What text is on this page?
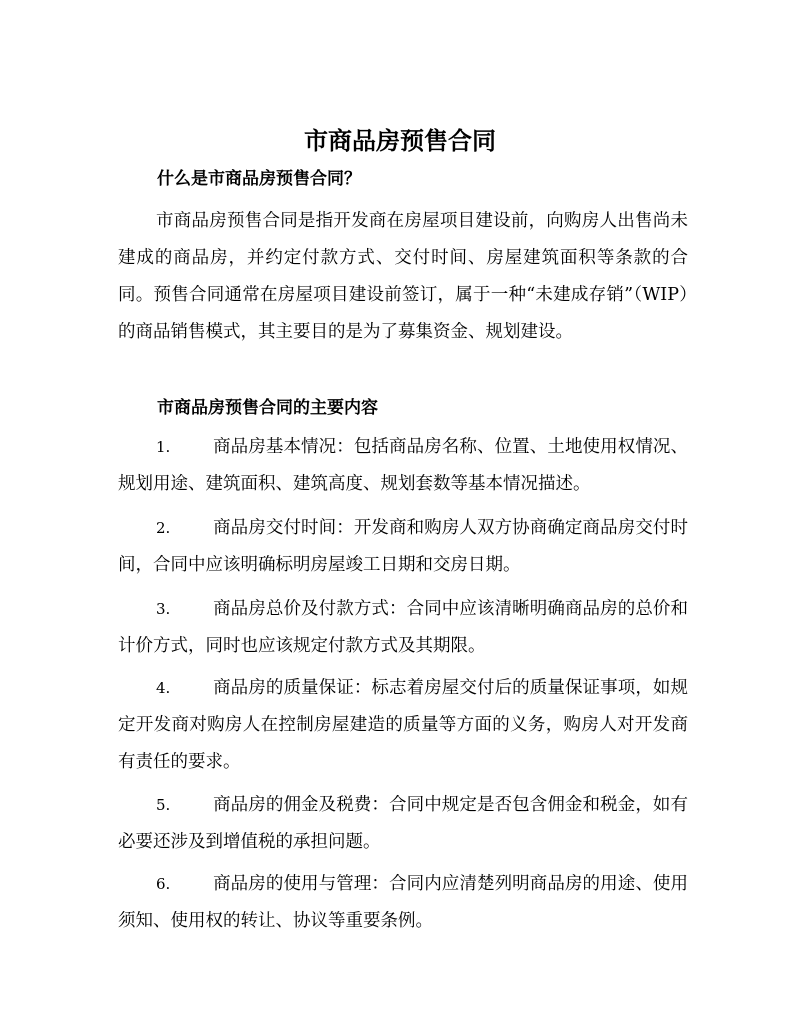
市商品房预售合同
什么是市商品房预售合同？

市商品房预售合同是指开发商在房屋项目建设前，向购房人出售尚未建成的商品房，并约定付款方式、交付时间、房屋建筑面积等条款的合同。预售合同通常在房屋项目建设前签订，属于一种“未建成存销”（WIP）的商品销售模式，其主要目的是为了募集资金、规划建设。

市商品房预售合同的主要内容
1. 商品房基本情况：包括商品房名称、位置、土地使用权情况、规划用途、建筑面积、建筑高度、规划套数等基本情况描述。
2. 商品房交付时间：开发商和购房人双方协商确定商品房交付时间，合同中应该明确标明房屋竣工日期和交房日期。
3. 商品房总价及付款方式：合同中应该清晰明确商品房的总价和计价方式，同时也应该规定付款方式及其期限。
4. 商品房的质量保证：标志着房屋交付后的质量保证事项，如规定开发商对购房人在控制房屋建造的质量等方面的义务，购房人对开发商有责任的要求。
5. 商品房的佣金及税费：合同中规定是否包含佣金和税金，如有必要还涉及到增值税的承担问题。
6. 商品房的使用与管理：合同内应清楚列明商品房的用途、使用须知、使用权的转让、协议等重要条例。
